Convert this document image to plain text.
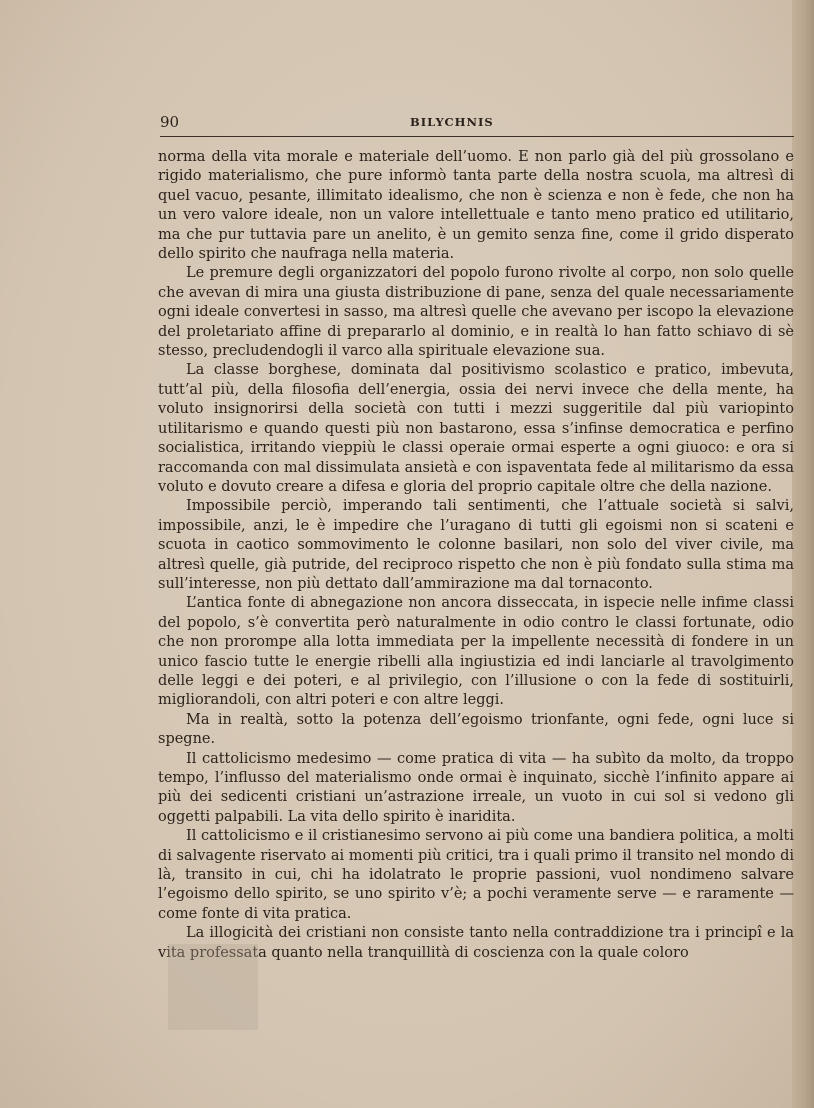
90	BILYCHNIS

norma della vita morale e materiale dell’uomo. E non parlo già del più grossolano e rigido materialismo, che pure informò tanta parte della nostra scuola, ma altresì di quel vacuo, pesante, illimitato idealismo, che non è scienza e non è fede, che non ha un vero valore ideale, non un valore intellettuale e tanto meno pratico ed utilitario, ma che pur tuttavia pare un anelito, è un gemito senza fine, come il grido disperato dello spirito che naufraga nella materia.

Le premure degli organizzatori del popolo furono rivolte al corpo, non solo quelle che avevan di mira una giusta distribuzione di pane, senza del quale necessariamente ogni ideale convertesi in sasso, ma altresì quelle che avevano per iscopo la elevazione del proletariato affine di prepararlo al dominio, e in realtà lo han fatto schiavo di sè stesso, precludendogli il varco alla spirituale elevazione sua.

La classe borghese, dominata dal positivismo scolastico e pratico, imbevuta, tutt’al più, della filosofia dell’energia, ossia dei nervi invece che della mente, ha voluto insignorirsi della società con tutti i mezzi suggeritile dal più variopinto utilitarismo e quando questi più non bastarono, essa s’infinse democratica e perfino socialistica, irritando vieppiù le classi operaie ormai esperte a ogni giuoco: e ora si raccomanda con mal dissimulata ansietà e con ispaventata fede al militarismo da essa voluto e dovuto creare a difesa e gloria del proprio capitale oltre che della nazione.

Impossibile perciò, imperando tali sentimenti, che l’attuale società si salvi, impossibile, anzi, le è impedire che l’uragano di tutti gli egoismi non si scateni e scuota in caotico sommovimento le colonne basilari, non solo del viver civile, ma altresì quelle, già putride, del reciproco rispetto che non è più fondato sulla stima ma sull’interesse, non più dettato dall’ammirazione ma dal tornaconto.

L’antica fonte di abnegazione non ancora disseccata, in ispecie nelle infime classi del popolo, s’è convertita però naturalmente in odio contro le classi fortunate, odio che non prorompe alla lotta immediata per la impellente necessità di fondere in un unico fascio tutte le energie ribelli alla ingiustizia ed indi lanciarle al travolgimento delle leggi e dei poteri, e al privilegio, con l’illusione o con la fede di sostituirli, migliorandoli, con altri poteri e con altre leggi.

Ma in realtà, sotto la potenza dell’egoismo trionfante, ogni fede, ogni luce si spegne.

Il cattolicismo medesimo — come pratica di vita — ha subìto da molto, da troppo tempo, l’influsso del materialismo onde ormai è inquinato, sicchè l’infinito appare ai più dei sedicenti cristiani un’astrazione irreale, un vuoto in cui sol si vedono gli oggetti palpabili. La vita dello spirito è inaridita.

Il cattolicismo e il cristianesimo servono ai più come una bandiera politica, a molti di salvagente riservato ai momenti più critici, tra i quali primo il transito nel mondo di là, transito in cui, chi ha idolatrato le proprie passioni, vuol nondimeno salvare l’egoismo dello spirito, se uno spirito v’è; a pochi veramente serve — e raramente — come fonte di vita pratica.

La illogicità dei cristiani non consiste tanto nella contraddizione tra i principî e la vita professata quanto nella tranquillità di coscienza con la quale coloro
